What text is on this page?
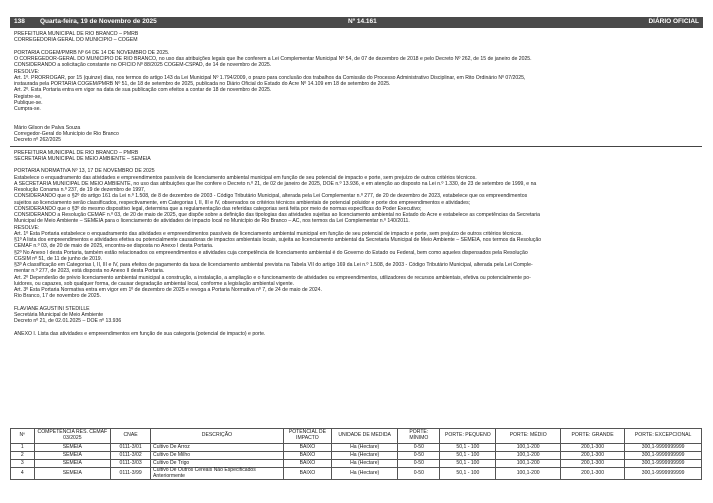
138 Quarta-feira, 19 de Novembro de 2025	Nº 14.161	DIÁRIO OFICIAL
PREFEITURA MUNICIPAL DE RIO BRANCO – PMRB
CORREGEDORIA GERAL DO MUNICÍPIO – COGEM
PORTARIA COGEM/PMRB Nº 64 DE 14 DE NOVEMBRO DE 2025.
O CORREGEDOR-GERAL DO MUNICÍPIO DE RIO BRANCO, no uso das atribuições legais que lhe conferem a Lei Complementar Municipal Nº 54, de 07 de dezembro de 2018 e pelo Decreto Nº 262, de 15 de janeiro de 2025.
CONSIDERANDO a solicitação constante no OFÍCIO Nº 88/2025 COGEM-CSPAD, de 14 de novembro de 2025.
RESOLVE:
Art. 1º. PRORROGAR, por 15 (quinze) dias, nos termos do artigo 143 da Lei Municipal Nº 1.794/2009, o prazo para conclusão dos trabalhos da Comissão do Processo Administrativo Disciplinar, em Rito Ordinário Nº 07/2025,
instaurada pela PORTARIA COGEM/PMRB Nº 51, de 18 de setembro de 2025, publicada no Diário Oficial do Estado do Acre Nº 14.109 em 18 de setembro de 2025.
Art. 2º. Esta Portaria entra em vigor na data de sua publicação com efeitos a contar de 18 de novembro de 2025.
Registre-se,
Publique-se.
Cumpra-se.
Mário Gilson de Palva Souza
Corregedor-Geral do Município de Rio Branco
Decreto nº 262/2025
PREFEITURA MUNICIPAL DE RIO BRANCO – PMRB
SECRETARIA MUNICIPAL DE MEIO AMBIENTE – SEMEIA
PORTARIA NORMATIVA Nº 13, 17 DE NOVEMBRO DE 2025
Estabelece o enquadramento das atividades e empreendimentos passíveis de licenciamento ambiental municipal em função de seu potencial de impacto e porte, sem prejuízo de outros critérios técnicos.
A SECRETÁRIA MUNICIPAL DE MEIO AMBIENTE, no uso das atribuições que lhe confere o Decreto n.º 21, de 02 de janeiro de 2025, DOE n.º 13.936, e em atenção ao disposto na Lei n.º 1.330, de 23 de setembro de 1999, e na
Resolução Conama n.º 237, de 19 de dezembro de 1997,
CONSIDERANDO que o §2º do artigo 161 da Lei n.º 1.508, de 8 de dezembro de 2003 - Código Tributário Municipal, alterada pela Lei Complementar n.º 277, de 20 de dezembro de 2023, estabelece que os empreendimentos
sujeitos ao licenciamento serão classificados, respectivamente, em Categorias I, II, III e IV, observados os critérios técnicos ambientais de potencial poluidor e porte dos empreendimentos e atividades;
CONSIDERANDO que o §3º do mesmo dispositivo legal, determina que a regulamentação das referidas categorias será feita por meio de normas específicas do Poder Executivo;
CONSIDERANDO a Resolução CEMAF n.º 03, de 20 de maio de 2025, que dispõe sobre a definição das tipologias das atividades sujeitas ao licenciamento ambiental no Estado do Acre e estabelece as competências da Secretaria
Municipal de Meio Ambiente – SEMEIA para o licenciamento de atividades de impacto local no Município de Rio Branco – AC, nos termos da Lei Complementar n.º 140/2011.
RESOLVE:
Art. 1º Esta Portaria estabelece o enquadramento das atividades e empreendimentos passíveis de licenciamento ambiental municipal em função de seu potencial de impacto e porte, sem prejuízo de outros critérios técnicos.
§1º A lista dos empreendimentos e atividades efetiva ou potencialmente causadoras de impactos ambientais locais, sujeita ao licenciamento ambiental da Secretaria Municipal de Meio Ambiente – SEMEIA, nos termos da Resolução
CEMAF n.º 03, de 20 de maio de 2025, encontra-se disposta no Anexo I desta Portaria.
§2º No Anexo I desta Portaria, também estão relacionados os empreendimentos e atividades cuja competência de licenciamento ambiental é do Governo do Estado ou Federal, bem como aqueles dispensados pela Resolução
CGSIM nº 51, de 11 de junho de 2019.
§3º A classificação em Categorias I, II, III e IV, para efeitos de pagamento da taxa de licenciamento ambiental prevista na Tabela VII do artigo 169 da Lei n.º 1.508, de 2003 - Código Tributário Municipal, alterada pela Lei Comple-
mentar n.º 277, de 2023, está disposta no Anexo II desta Portaria.
Art. 2º Dependerão de prévio licenciamento ambiental municipal a construção, a instalação, a ampliação e o funcionamento de atividades ou empreendimentos, utilizadores de recursos ambientais, efetiva ou potencialmente po-
luidores, ou capazes, sob qualquer forma, de causar degradação ambiental local, conforme a legislação ambiental vigente.
Art. 3º Esta Portaria Normativa entra em vigor em 1º de dezembro de 2025 e revoga a Portaria Normativa nº 7, de 24 de maio de 2024.
Rio Branco, 17 de novembro de 2025.
FLAVIANE AGUSTINI STEDILLE
Secretária Municipal de Meio Ambiente
Decreto nº 21, de 02.01.2025 – DOE nº 13.936
ANEXO I. Lista das atividades e empreendimentos em função de sua categoria (potencial de impacto) e porte.
Nº	COMPETÊNCIA RES. CEMAF 03/2025	CNAE	DESCRIÇÃO	POTENCIAL DE IMPACTO	UNIDADE DE MEDIDA	PORTE: MÍNIMO	PORTE: PEQUENO	PORTE: MÉDIO	PORTE: GRANDE	PORTE: EXCEPCIONAL
1	SEMEIA	0111-3/01	Cultivo De Arroz	BAIXO	Ha (Hectare)	0-50	50,1 - 100	100,1-200	200,1-300	300,1-9999999999
2	SEMEIA	0111-3/02	Cultivo De Milho	BAIXO	Ha (Hectare)	0-50	50,1 - 100	100,1-200	200,1-300	300,1-9999999999
3	SEMEIA	0111-3/03	Cultivo De Trigo	BAIXO	Ha (Hectare)	0-50	50,1 - 100	100,1-200	200,1-300	300,1-9999999999
4	SEMEIA	0111-3/99	Cultivo De Outros Cereais Não Especificados Anteriormente	BAIXO	Ha (Hectare)	0-50	50,1 - 100	100,1-200	200,1-300	300,1-9999999999
